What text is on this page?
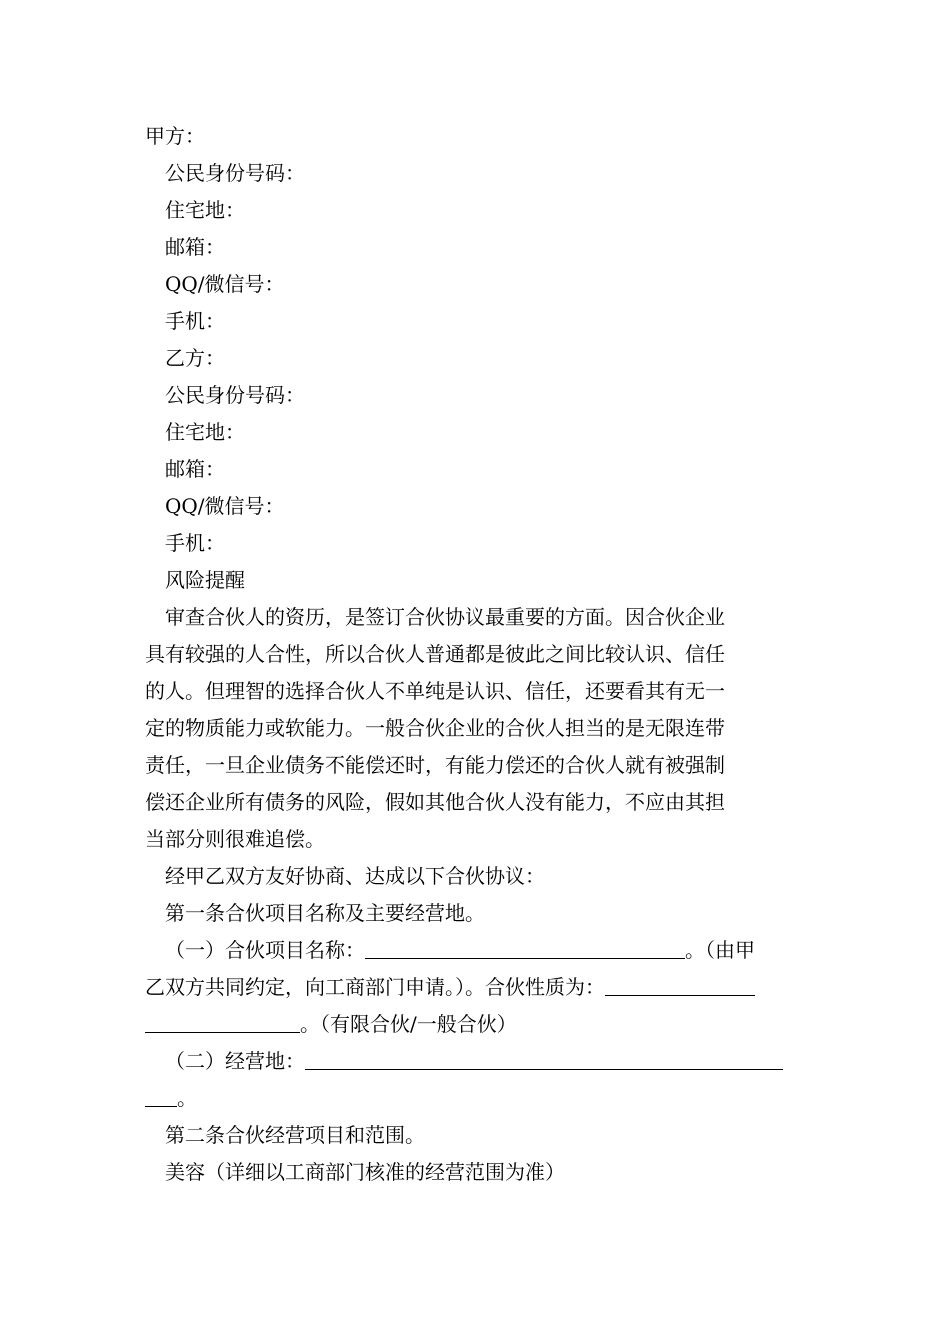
甲方：
公民身份号码：
住宅地：
邮箱：
QQ/微信号：
手机：
乙方：
公民身份号码：
住宅地：
邮箱：
QQ/微信号：
手机：
风险提醒
审查合伙人的资历，是签订合伙协议最重要的方面。因合伙企业
具有较强的人合性，所以合伙人普通都是彼此之间比较认识、信任
的人。但理智的选择合伙人不单纯是认识、信任，还要看其有无一
定的物质能力或软能力。一般合伙企业的合伙人担当的是无限连带
责任，一旦企业债务不能偿还时，有能力偿还的合伙人就有被强制
偿还企业所有债务的风险，假如其他合伙人没有能力，不应由其担
当部分则很难追偿。
经甲乙双方友好协商、达成以下合伙协议：
第一条合伙项目名称及主要经营地。
（一）合伙项目名称：	。（由甲
乙双方共同约定，向工商部门申请。）。合伙性质为：
。（有限合伙/一般合伙）
（二）经营地：
。
第二条合伙经营项目和范围。
美容（详细以工商部门核准的经营范围为准）
